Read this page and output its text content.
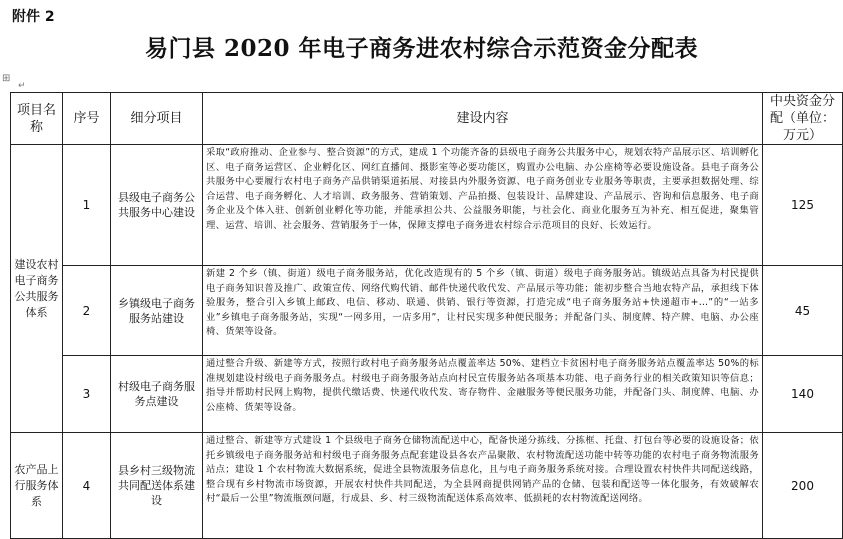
附件 2
易门县 2020 年电子商务进农村综合示范资金分配表
⊞
↵
项目名称	序号	细分项目	建设内容	中央资金分配（单位：万元）
建设农村电子商务公共服务体系	1	县级电子商务公共服务中心建设	采取“政府推动、企业参与、整合资源”的方式，建成 1 个功能齐备的县级电子商务公共服务中心，规划农特产品展示区、培训孵化区、电子商务运营区、企业孵化区、网红直播间、摄影室等必要功能区，购置办公电脑、办公座椅等必要设施设备。县电子商务公共服务中心要履行农村电子商务产品供销渠道拓展、对接县内外服务资源、电子商务创业专业服务等职责，主要承担数据处理、综合运营、电子商务孵化、人才培训、政务服务、营销策划、产品拍摄、包装设计、品牌建设、产品展示、咨询和信息服务、电子商务企业及个体入驻、创新创业孵化等功能，并能承担公共、公益服务职能，与社会化、商业化服务互为补充、相互促进，聚集管理、运营、培训、社会服务、营销服务于一体，保障支撑电子商务进农村综合示范项目的良好、长效运行。	125
	2	乡镇级电子商务服务站建设	新建 2 个乡（镇、街道）级电子商务服务站，优化改造现有的 5 个乡（镇、街道）级电子商务服务站。镇级站点具备为村民提供电子商务知识普及推广、政策宣传、网络代购代销、邮件快递代收代发、产品展示等功能；能初步整合当地农特产品，承担线下体验服务，整合引入乡镇上邮政、电信、移动、联通、供销、银行等资源，打造完成“电子商务服务站+快递超市+…”的“一站多业”乡镇电子商务服务站，实现“一网多用，一店多用”，让村民实现多种便民服务；并配备门头、制度牌、特产牌、电脑、办公座椅、货架等设备。	45
	3	村级电子商务服务点建设	通过整合升级、新建等方式，按照行政村电子商务服务站点覆盖率达 50%、建档立卡贫困村电子商务服务站点覆盖率达 50%的标准规划建设村级电子商务服务点。村级电子商务服务站点向村民宣传服务站各项基本功能、电子商务行业的相关政策知识等信息；指导并帮助村民网上购物，提供代缴话费、快递代收代发、寄存物件、金融服务等便民服务功能，并配备门头、制度牌、电脑、办公座椅、货架等设备。	140
农产品上行服务体系	4	县乡村三级物流共同配送体系建设	通过整合、新建等方式建设 1 个县级电子商务仓储物流配送中心，配备快递分拣线、分拣框、托盘、打包台等必要的设施设备；依托乡镇级电子商务服务站和村级电子商务服务点配套建设县各农产品聚散、农村物流配送功能中转等功能的农村电子商务物流服务站点；建设 1 个农村物流大数据系统，促进全县物流服务信息化，且与电子商务服务系统对接。合理设置农村快件共同配送线路，整合现有乡村物流市场资源，开展农村快件共同配送，为全县网商提供网销产品的仓储、包装和配送等一体化服务，有效破解农村“最后一公里”物流瓶颈问题，行成县、乡、村三级物流配送体系高效率、低损耗的农村物流配送网络。	200
